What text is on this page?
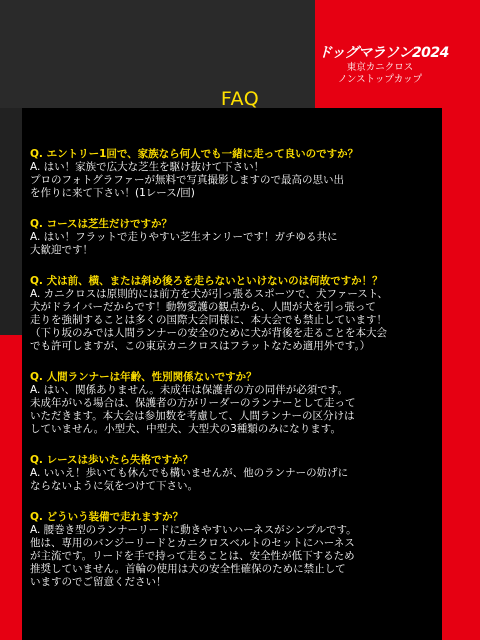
ドッグマラソン2024
東京カニクロス
ノンストップカップ
FAQ
Q. エントリー1回で、家族なら何人でも一緒に走って良いのですか？
A. はい！家族で広大な芝生を駆け抜けて下さい！
プロのフォトグラファーが無料で写真撮影しますので最高の思い出
を作りに来て下さい！(1レース/回)
Q. コースは芝生だけですか？
A. はい！フラットで走りやすい芝生オンリーです！ガチゆる共に
大歓迎です！
Q. 犬は前、横、または斜め後ろを走らないといけないのは何故ですか！？
A. カニクロスは原則的には前方を犬が引っ張るスポーツで、犬ファースト、
犬がドライバーだからです！動物愛護の観点から、人間が犬を引っ張って
走りを強制することは多くの国際大会同様に、本大会でも禁止しています！
（下り坂のみでは人間ランナーの安全のために犬が背後を走ることを本大会
でも許可しますが、この東京カニクロスはフラットなため適用外です。）
Q. 人間ランナーは年齢、性別関係ないですか？
A. はい、関係ありません。未成年は保護者の方の同伴が必須です。
未成年がいる場合は、保護者の方がリーダーのランナーとして走って
いただきます。本大会は参加数を考慮して、人間ランナーの区分けは
していません。小型犬、中型犬、大型犬の3種類のみになります。
Q. レースは歩いたら失格ですか？
A. いいえ！歩いても休んでも構いませんが、他のランナーの妨げに
ならないように気をつけて下さい。
Q. どういう装備で走れますか？
A. 腰巻き型のランナーリードに動きやすいハーネスがシンプルです。
他は、専用のバンジーリードとカニクロスベルトのセットにハーネス
が主流です。リードを手で持って走ることは、安全性が低下するため
推奨していません。首輪の使用は犬の安全性確保のために禁止して
いますのでご留意ください！
